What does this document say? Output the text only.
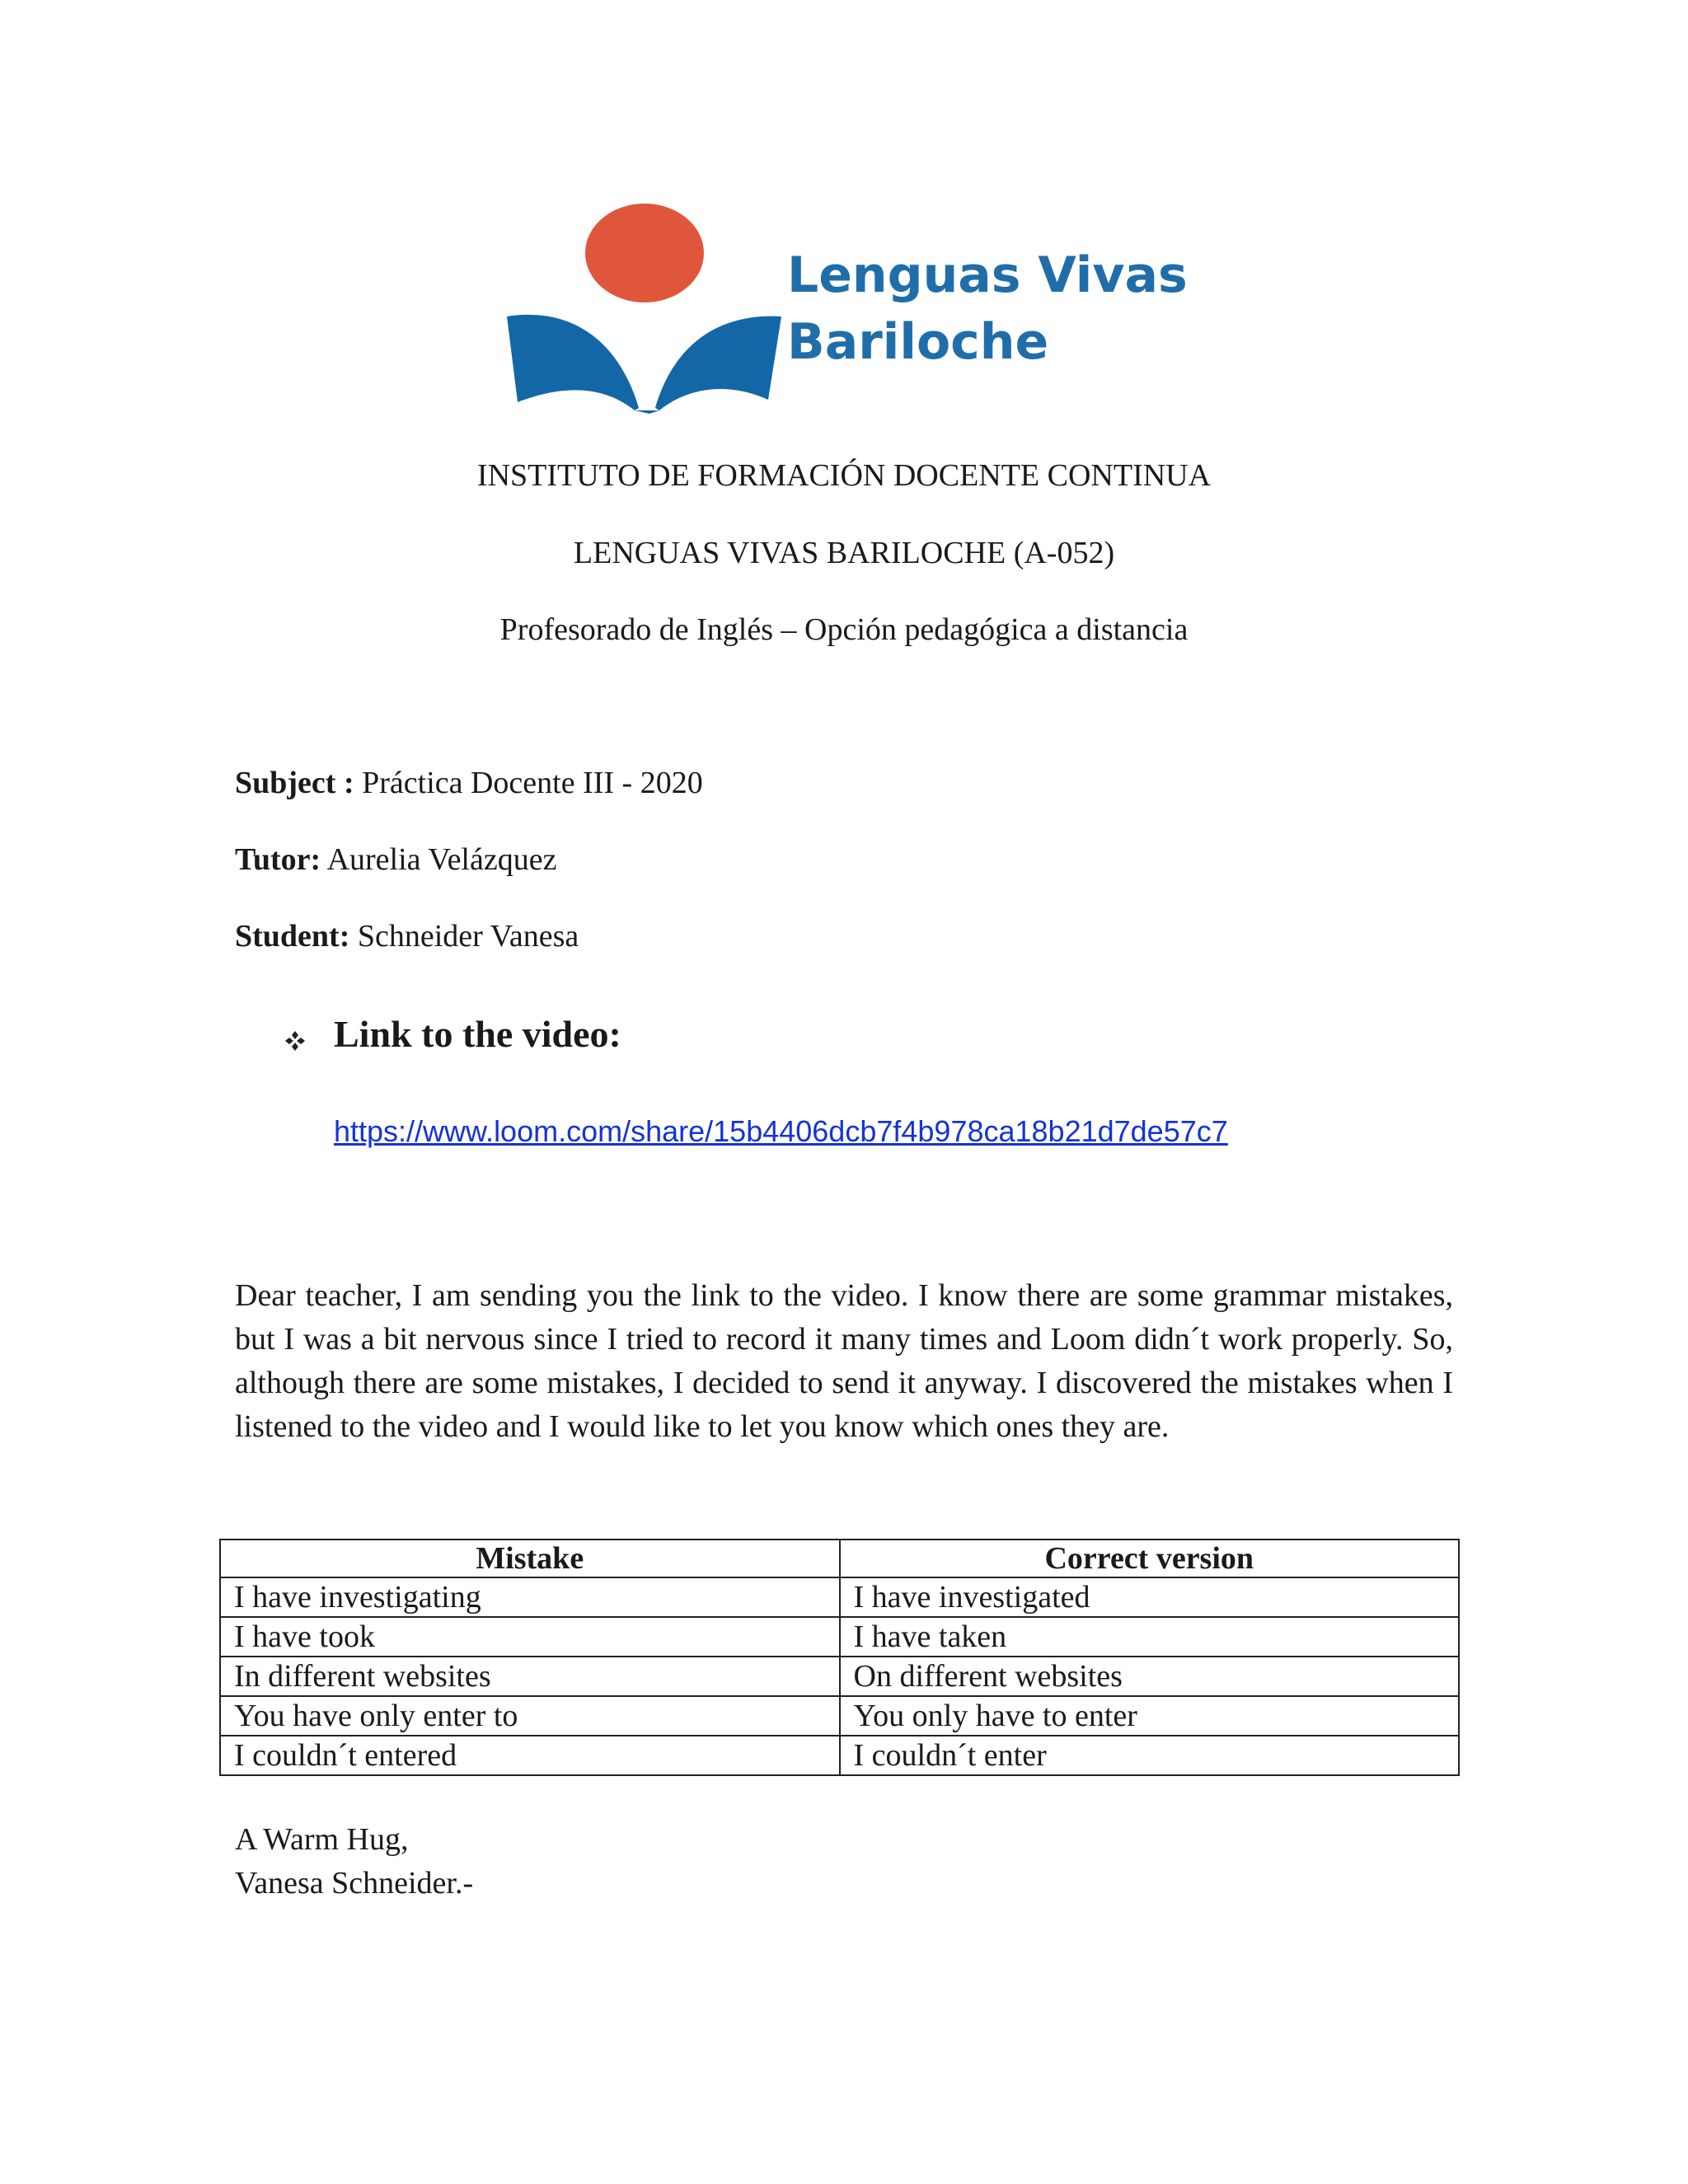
Lenguas Vivas
Bariloche
INSTITUTO DE FORMACIÓN DOCENTE CONTINUA
LENGUAS VIVAS BARILOCHE (A-052)
Profesorado de Inglés – Opción pedagógica a distancia
Subject : Práctica Docente III - 2020
Tutor: Aurelia Velázquez
Student: Schneider Vanesa
Link to the video:
https://www.loom.com/share/15b4406dcb7f4b978ca18b21d7de57c7

Dear teacher, I am sending you the link to the video. I know there are some grammar mistakes, but I was a bit nervous since I tried to record it many times and Loom didn´t work properly. So, although there are some mistakes, I decided to send it anyway. I discovered the mistakes when I listened to the video and I would like to let you know which ones they are.

Mistake	Correct version
I have investigating	I have investigated
I have took	I have taken
In different websites	On different websites
You have only enter to	You only have to enter
I couldn´t entered	I couldn´t enter
A Warm Hug,
Vanesa Schneider.-
